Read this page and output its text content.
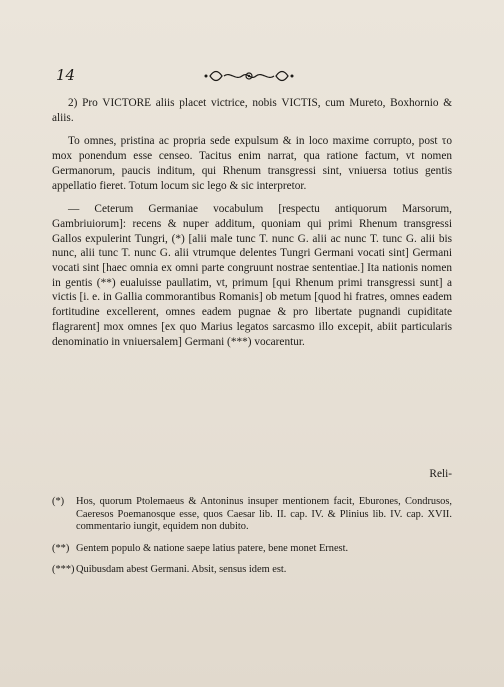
14

2) Pro VICTORE aliis placet victrice, nobis VICTIS, cum Mureto, Boxhornio & aliis.

To omnes, pristina ac propria sede expulsum & in loco maxime corrupto, post το mox ponendum esse censeo. Tacitus enim narrat, qua ratione factum, vt nomen Germanorum, paucis inditum, qui Rhenum transgressi sint, vniuersa totius gentis appellatio fieret. Totum locum sic lego & sic interpretor.

— Ceterum Germaniae vocabulum [respectu antiquorum Marsorum, Gambriuiorum]: recens & nuper additum, quoniam qui primi Rhenum transgressi Gallos expulerint Tungri, (*) [alii male tunc T. nunc G. alii ac nunc T. tunc G. alii bis nunc, alii tunc T. nunc G. alii vtrumque delentes Tungri Germani vocati sint] Germani vocati sint [haec omnia ex omni parte congruunt nostrae sententiae.] Ita nationis nomen in gentis (**) eualuisse paullatim, vt, primum [qui Rhenum primi transgressi sunt] a victis [i. e. in Gallia commorantibus Romanis] ob metum [quod hi fratres, omnes eadem fortitudine excellerent, omnes eadem pugnae & pro libertate pugnandi cupiditate flagrarent] mox omnes [ex quo Marius legatos sarcasmo illo excepit, abiit particularis denominatio in vniuersalem] Germani (***) vocarentur.

Reli-
(*)	Hos, quorum Ptolemaeus & Antoninus insuper mentionem facit, Eburones, Condrusos, Caeresos Poemanosque esse, quos Caesar lib. II. cap. IV. & Plinius lib. IV. cap. XVII. commentario iungit, equidem non dubito.
(**) Gentem populo & natione saepe latius patere, bene monet Ernest.
(***) Quibusdam abest Germani. Absit, sensus idem est.
